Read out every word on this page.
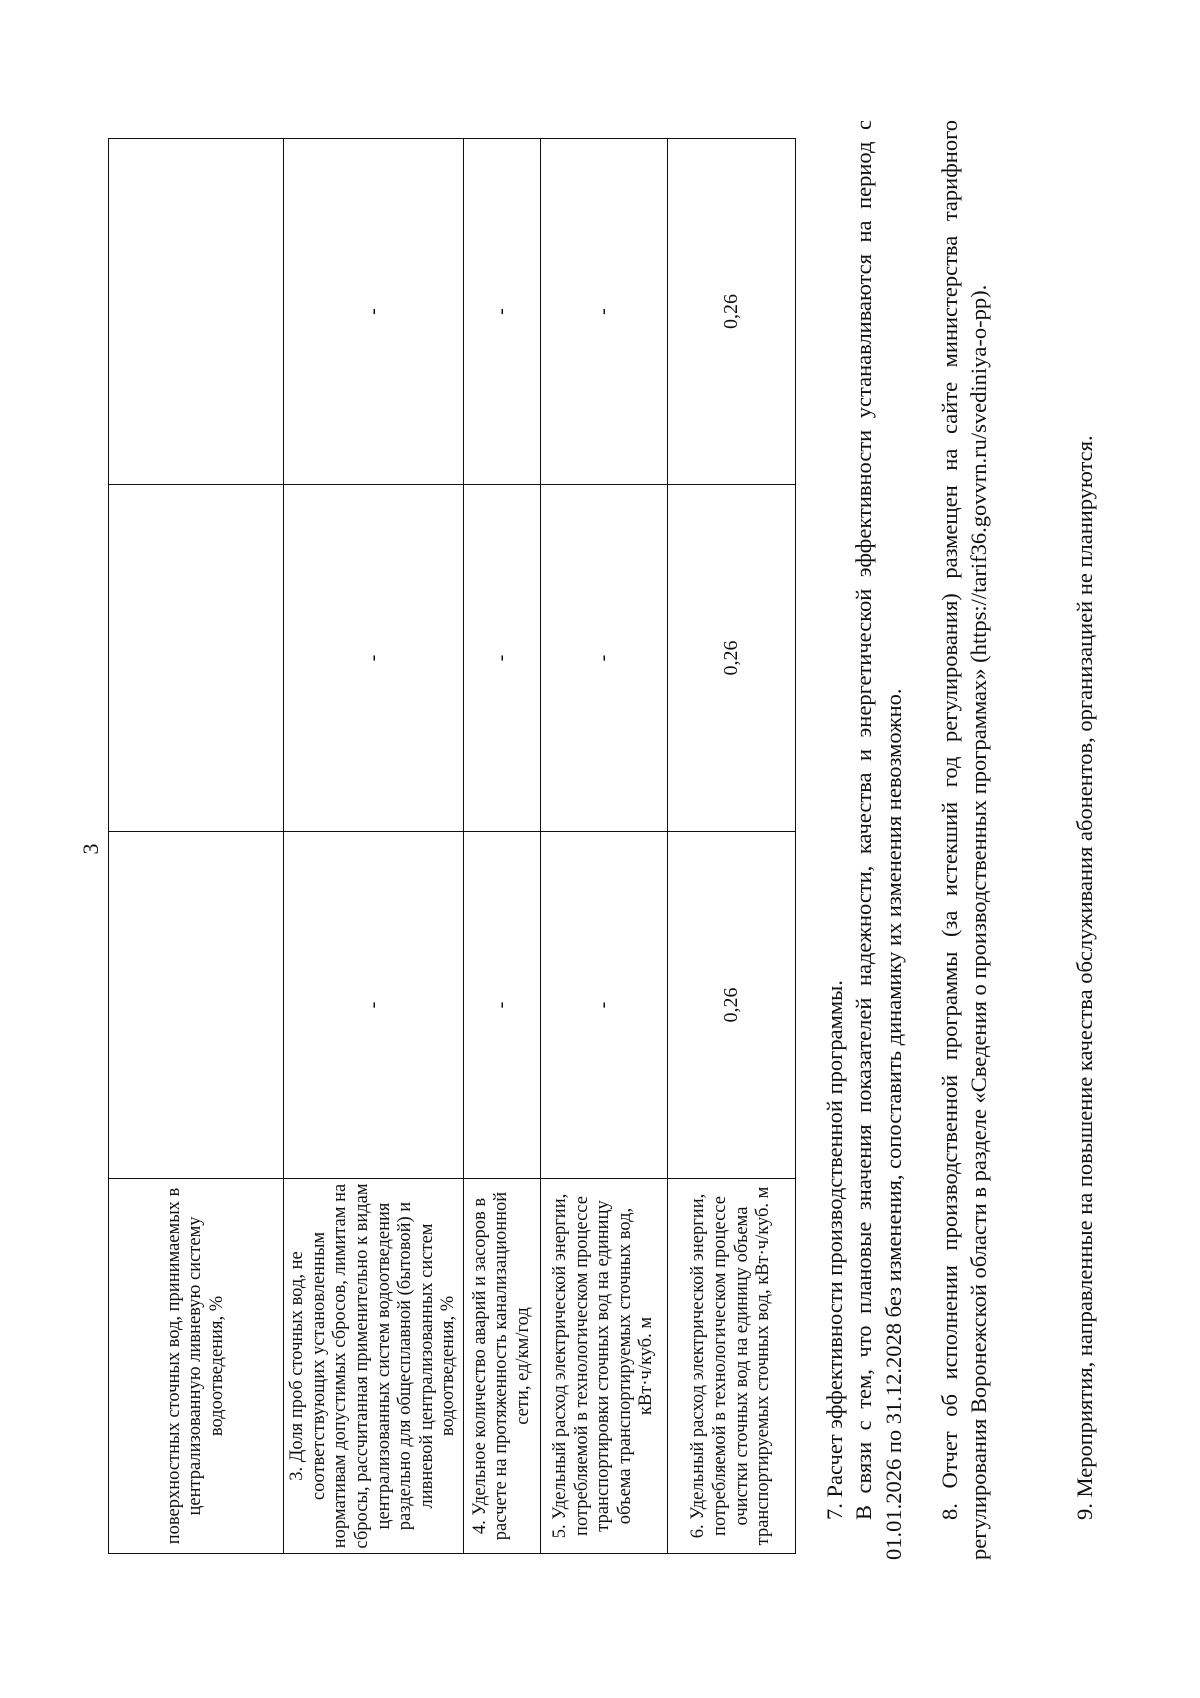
3
поверхностных сточных вод, принимаемых в централизованную ливневую систему водоотведения, %			
3. Доля проб сточных вод, не соответствующих установленным нормативам допустимых сбросов, лимитам на сбросы, рассчитанная применительно к видам централизованных систем водоотведения раздельно для общесплавной (бытовой) и ливневой централизованных систем водоотведения, %	-	-	-
4. Удельное количество аварий и засоров в расчете на протяженность канализационной сети, ед/км/год	-	-	-
5. Удельный расход электрической энергии, потребляемой в технологическом процессе транспортировки сточных вод на единицу объема транспортируемых сточных вод, кВт·ч/куб. м	-	-	-
6. Удельный расход электрической энергии, потребляемой в технологическом процессе очистки сточных вод на единицу объема транспортируемых сточных вод, кВт·ч/куб. м	0,26	0,26	0,26
7. Расчет эффективности производственной программы. В связи с тем, что плановые значения показателей надежности, качества и энергетической эффективности устанавливаются на период с 01.01.2026 по 31.12.2028 без изменения, сопоставить динамику их изменения невозможно. 8. Отчет об исполнении производственной программы (за истекший год регулирования) размещен на сайте министерства тарифного регулирования Воронежской области в разделе «Сведения о производственных программах» (https://tarif36.govvrn.ru/svediniya-o-pp).	9. Мероприятия, направленные на повышение качества обслуживания абонентов, организацией не планируются.
